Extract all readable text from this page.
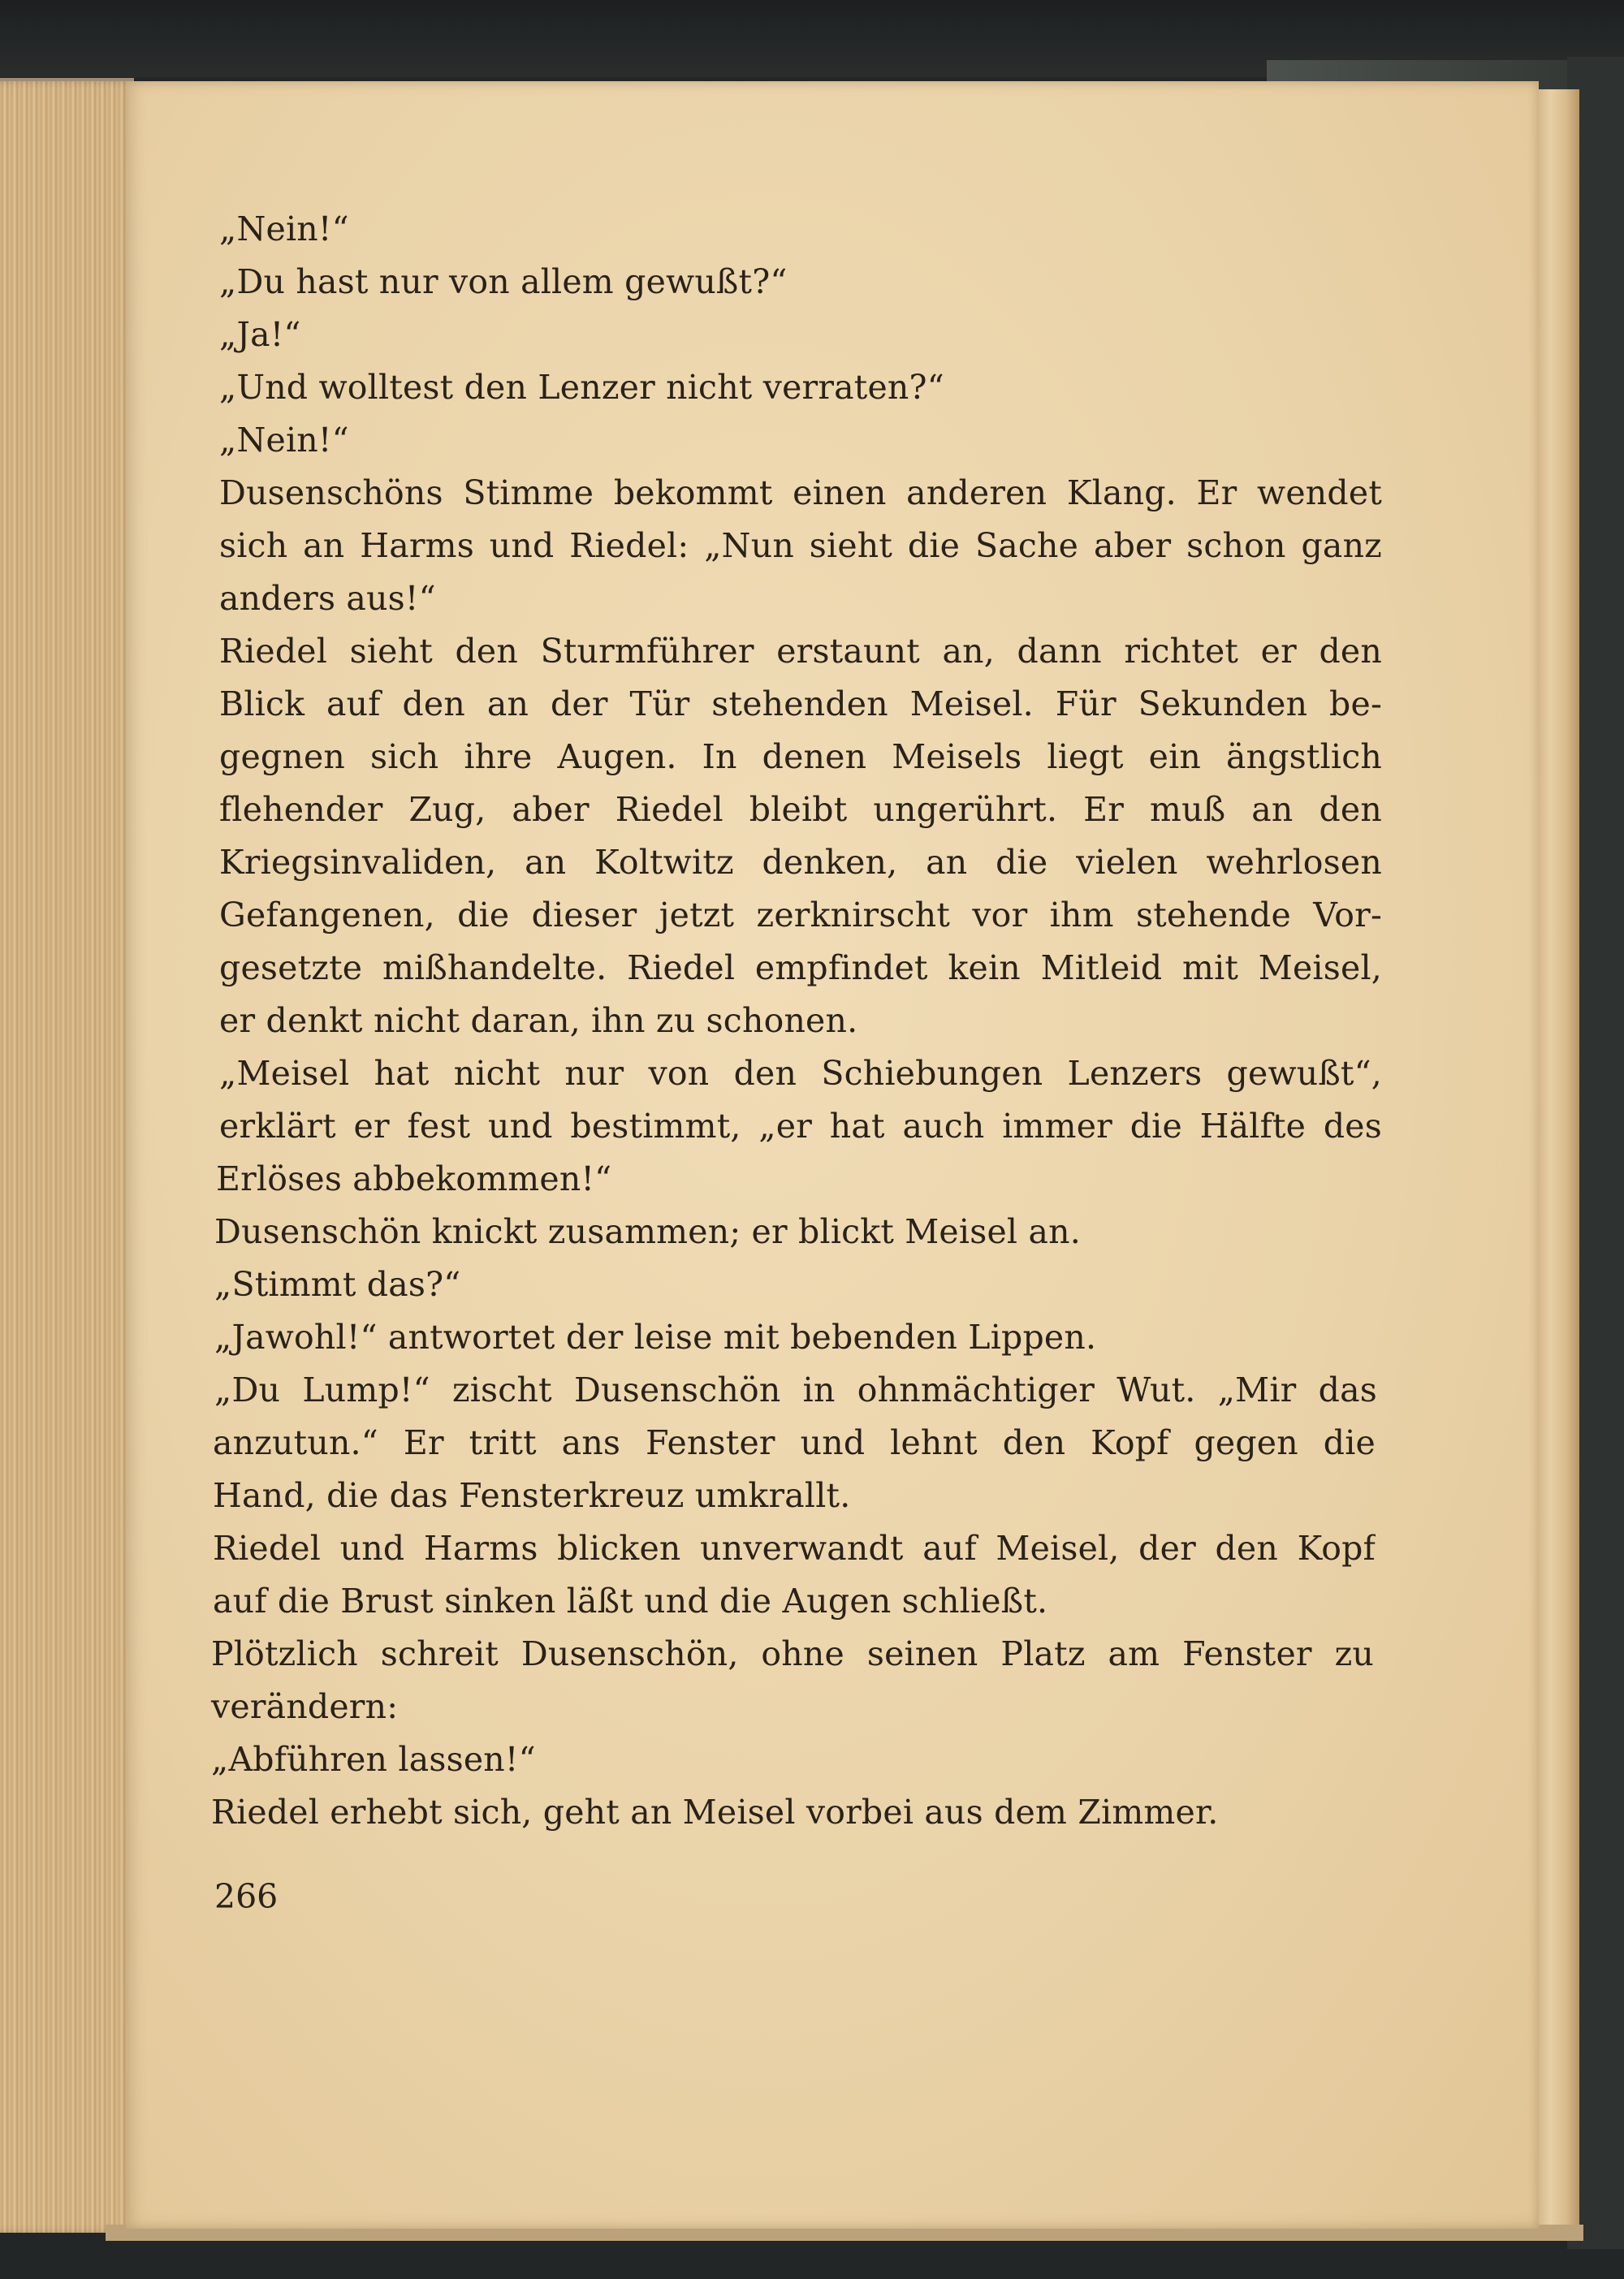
„Nein!“
„Du hast nur von allem gewußt?“
„Ja!“
„Und wolltest den Lenzer nicht verraten?“
„Nein!“
Dusenschöns Stimme bekommt einen anderen Klang. Er wendet
sich an Harms und Riedel: „Nun sieht die Sache aber schon ganz
anders aus!“
Riedel sieht den Sturmführer erstaunt an, dann richtet er den
Blick auf den an der Tür stehenden Meisel. Für Sekunden be-
gegnen sich ihre Augen. In denen Meisels liegt ein ängstlich
flehender Zug, aber Riedel bleibt ungerührt. Er muß an den
Kriegsinvaliden, an Koltwitz denken, an die vielen wehrlosen
Gefangenen, die dieser jetzt zerknirscht vor ihm stehende Vor-
gesetzte mißhandelte. Riedel empfindet kein Mitleid mit Meisel,
er denkt nicht daran, ihn zu schonen.
„Meisel hat nicht nur von den Schiebungen Lenzers gewußt“,
erklärt er fest und bestimmt, „er hat auch immer die Hälfte des
Erlöses abbekommen!“
Dusenschön knickt zusammen; er blickt Meisel an.
„Stimmt das?“
„Jawohl!“ antwortet der leise mit bebenden Lippen.
„Du Lump!“ zischt Dusenschön in ohnmächtiger Wut. „Mir das
anzutun.“ Er tritt ans Fenster und lehnt den Kopf gegen die
Hand, die das Fensterkreuz umkrallt.
Riedel und Harms blicken unverwandt auf Meisel, der den Kopf
auf die Brust sinken läßt und die Augen schließt.
Plötzlich schreit Dusenschön, ohne seinen Platz am Fenster zu
verändern:
„Abführen lassen!“
Riedel erhebt sich, geht an Meisel vorbei aus dem Zimmer.
266
